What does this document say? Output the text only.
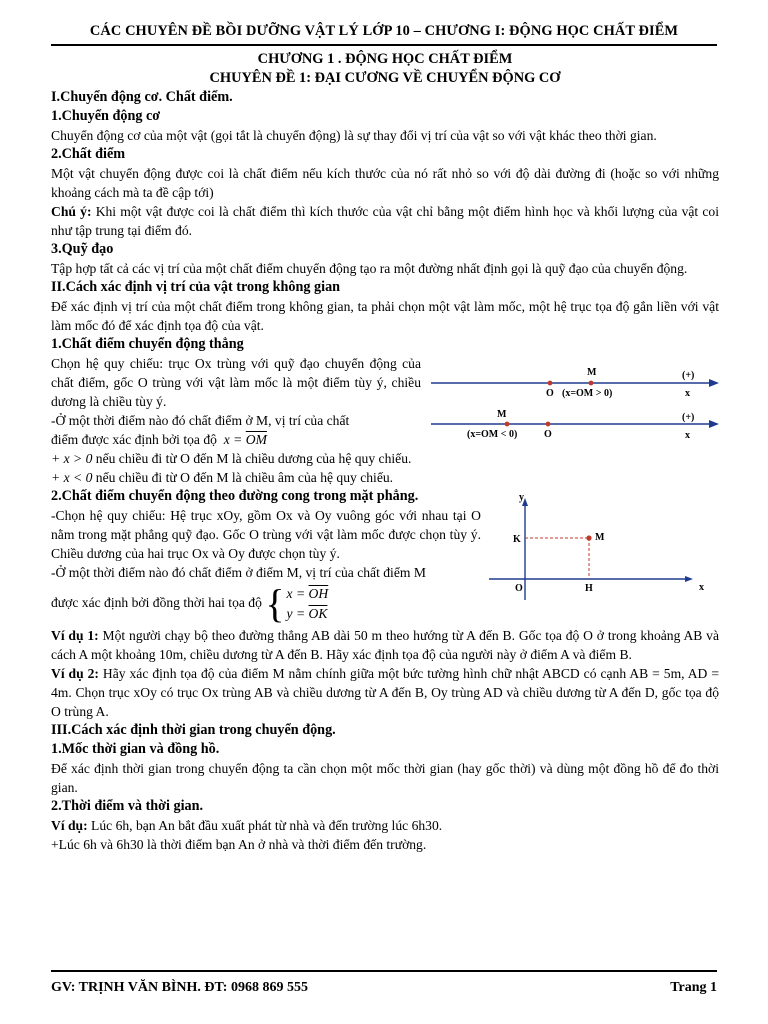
CÁC CHUYÊN ĐỀ BỒI DƯỠNG VẬT LÝ LỚP 10 – CHƯƠNG I: ĐỘNG HỌC CHẤT ĐIỂM
CHƯƠNG 1 . ĐỘNG HỌC CHẤT ĐIỂM
CHUYÊN ĐỀ 1: ĐẠI CƯƠNG VỀ CHUYỂN ĐỘNG CƠ
I.Chuyển động cơ. Chất điểm.
1.Chuyển động cơ

Chuyển động cơ của một vật (gọi tắt là chuyển động) là sự thay đổi vị trí của vật so với vật khác theo thời gian.

2.Chất điểm

Một vật chuyển động được coi là chất điểm nếu kích thước của nó rất nhỏ so với độ dài đường đi (hoặc so với những khoảng cách mà ta đề cập tới)

Chú ý: Khi một vật được coi là chất điểm thì kích thước của vật chỉ bằng một điểm hình học và khối lượng của vật coi như tập trung tại điểm đó.

3.Quỹ đạo

Tập hợp tất cả các vị trí của một chất điểm chuyển động tạo ra một đường nhất định gọi là quỹ đạo của chuyển động.

II.Cách xác định vị trí của vật trong không gian

Để xác định vị trí của một chất điểm trong không gian, ta phải chọn một vật làm mốc, một hệ trục tọa độ gắn liền với vật làm mốc đó để xác định tọa độ của vật.

1.Chất điểm chuyển động thẳng

Chọn hệ quy chiếu: trục Ox trùng với quỹ đạo chuyển động của chất điểm, gốc O trùng với vật làm mốc là một điểm tùy ý, chiều dương là chiều tùy ý.

-Ở một thời điểm nào đó chất điểm ở M, vị trí của chất

M
O (x=OM > 0)
(+)
x
M
O
(x=OM < 0)
(+)
x

điểm được xác định bởi tọa độ $x = \overline{OM}$

+ x > 0 nếu chiều đi từ O đến M là chiều dương của hệ quy chiếu.

+ x < 0 nếu chiều đi từ O đến M là chiều âm của hệ quy chiếu.

2.Chất điểm chuyển động theo đường cong trong mặt phẳng.

-Chọn hệ quy chiếu: Hệ trục xOy, gồm Ox và Oy vuông góc với nhau tại O nằm trong mặt phẳng quỹ đạo. Gốc O trùng với vật làm mốc được chọn tùy ý. Chiều dương của hai trục Ox và Oy được chọn tùy ý.

-Ở một thời điểm nào đó chất điểm ở điểm M, vị trí của chất điểm M

được xác định bởi đồng thời hai tọa độ { $x = \overline{OH}$
$y = \overline{OK}$

y
K	M
O	H	x

Ví dụ 1: Một người chạy bộ theo đường thẳng AB dài 50 m theo hướng từ A đến B. Gốc tọa độ O ở trong khoảng AB và cách A một khoảng 10m, chiều dương từ A đến B. Hãy xác định tọa độ của người này ở điểm A và điểm B.

Ví dụ 2: Hãy xác định tọa độ của điểm M nằm chính giữa một bức tường hình chữ nhật ABCD có cạnh AB = 5m, AD = 4m. Chọn trục xOy có trục Ox trùng AB và chiều dương từ A đến B, Oy trùng AD và chiều dương từ A đến D, gốc tọa độ O trùng A.

III.Cách xác định thời gian trong chuyển động.
1.Mốc thời gian và đồng hồ.

Để xác định thời gian trong chuyển động ta cần chọn một mốc thời gian (hay gốc thời) và dùng một đồng hồ để đo thời gian.

2.Thời điểm và thời gian.

Ví dụ: Lúc 6h, bạn An bắt đầu xuất phát từ nhà và đến trường lúc 6h30.

+Lúc 6h và 6h30 là thời điểm bạn An ở nhà và thời điểm đến trường.

GV: TRỊNH VĂN BÌNH. ĐT: 0968 869 555	Trang 1
